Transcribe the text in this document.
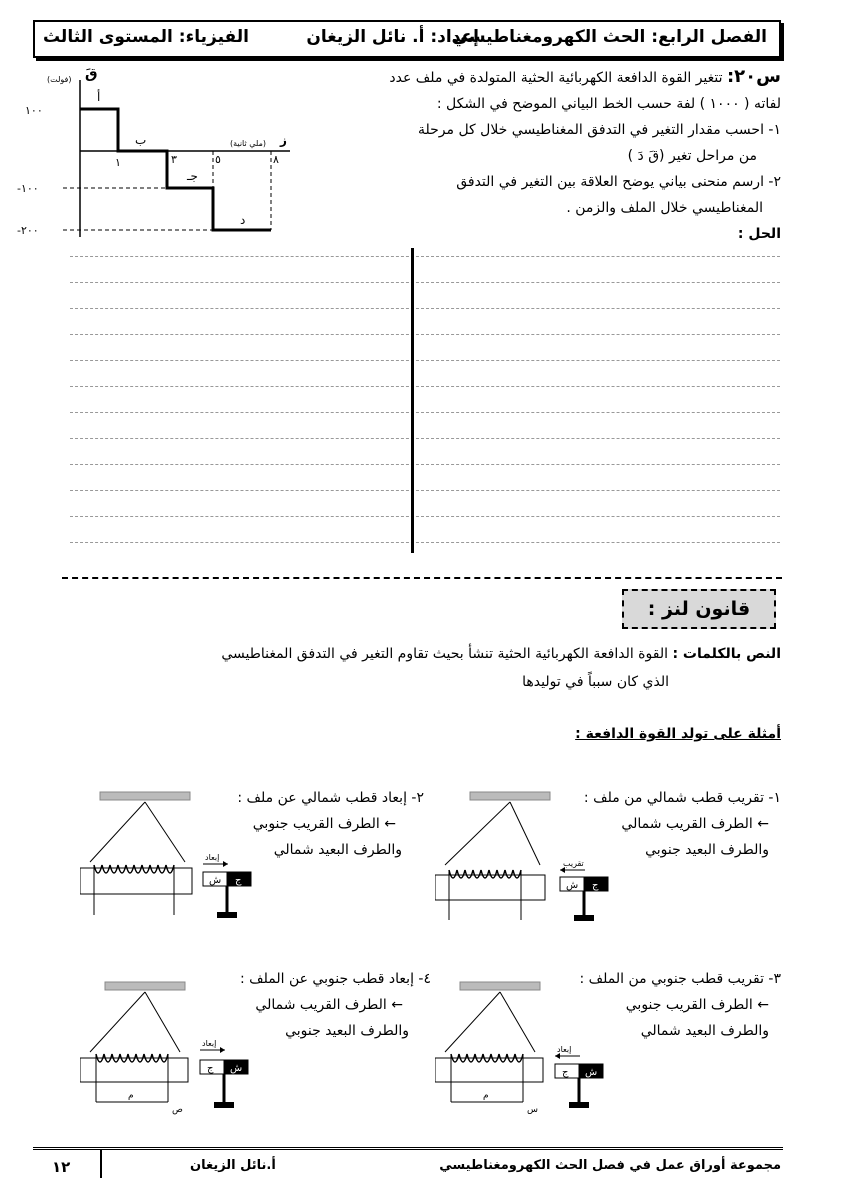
الفصل الرابع: الحث الكهرومغناطيسي
إعداد: أ. نائل الزيغان
الفيزياء: المستوى الثالث
س٢٠: تتغير القوة الدافعة الكهربائية الحثية المتولدة في ملف عدد
لفاته ( ١٠٠٠ ) لفة حسب الخط البياني الموضح في الشكل :
١- احسب مقدار التغير في التدفق المغناطيسي خلال كل مرحلة
من مراحل تغير (قَ دَ )
٢- ارسم منحنى بياني يوضح العلاقة بين التغير في التدفق
المغناطيسي خلال الملف والزمن .
الحل :
قَ
(فولت)
ز
(ملي ثانية)
١٠٠
-١٠٠
-٢٠٠
١	٣	٥	٨
أ
ب
جـ
د
قانون لنز :
النص بالكلمات : القوة الدافعة الكهربائية الحثية تنشأ بحيث تقاوم التغير في التدفق المغناطيسي
الذي كان سبباً في توليدها
أمثلة على تولد القوة الدافعة :
١- تقريب قطب شمالي من ملف :
← الطرف القريب شمالي
والطرف البعيد جنوبي
تقريب
ش ج
٢- إبعاد قطب شمالي عن ملف :
← الطرف القريب جنوبي
والطرف البعيد شمالي
إبعاد
ش ج
٣- تقريب قطب جنوبي من الملف :
← الطرف القريب جنوبي
والطرف البعيد شمالي
م
س
إبعاد
ج ش
٤- إبعاد قطب جنوبي عن الملف :
← الطرف القريب شمالي
والطرف البعيد جنوبي
م
ص
إبعاد
ج ش
مجموعة أوراق عمل في فصل الحث الكهرومغناطيسي
أ.نائل الزيغان
١٢
